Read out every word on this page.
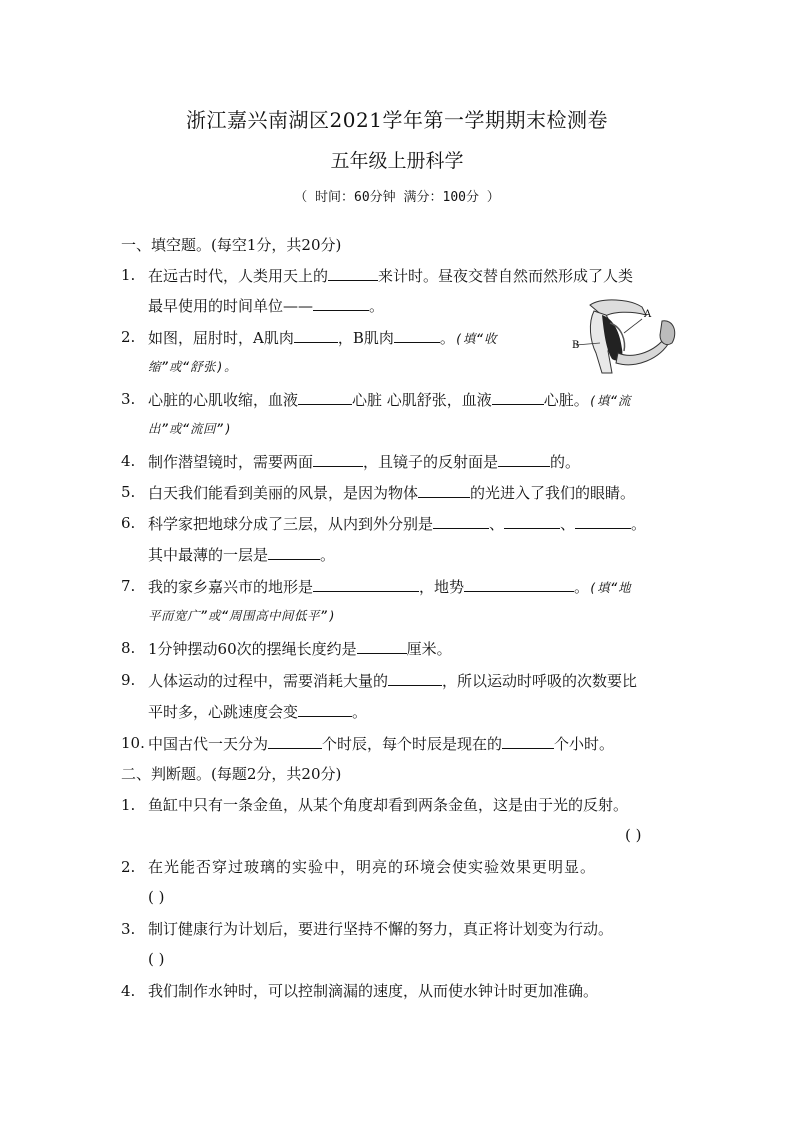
浙江嘉兴南湖区2021学年第一学期期末检测卷
五年级上册科学
（ 时间：60分钟 满分：100分 ）
一、填空题。(每空1分，共20分)
1. 在远古时代，人类用天上的	来计时。昼夜交替自然而然形成了人类
最早使用的时间单位——	。
2. 如图，屈肘时，A肌肉	，B肌肉	。(填“收
缩”或“舒张)。
A
B
3. 心脏的心肌收缩，血液	心脏 心肌舒张，血液	心脏。(填“流
出”或“流回”)
4. 制作潜望镜时，需要两面	，且镜子的反射面是	的。
5. 白天我们能看到美丽的风景，是因为物体	的光进入了我们的眼睛。
6. 科学家把地球分成了三层，从内到外分别是	、	、	。
其中最薄的一层是	。
7. 我的家乡嘉兴市的地形是	，地势	。(填“地
平而宽广”或“周围高中间低平”)
8. 1分钟摆动60次的摆绳长度约是	厘米。
9. 人体运动的过程中，需要消耗大量的	，所以运动时呼吸的次数要比
平时多，心跳速度会变	。
10. 中国古代一天分为	个时辰，每个时辰是现在的	个小时。
二、判断题。(每题2分，共20分)
1. 鱼缸中只有一条金鱼，从某个角度却看到两条金鱼，这是由于光的反射。
( )
2. 在光能否穿过玻璃的实验中，明亮的环境会使实验效果更明显。
( )
3. 制订健康行为计划后，要进行坚持不懈的努力，真正将计划变为行动。
( )
4. 我们制作水钟时，可以控制滴漏的速度，从而使水钟计时更加准确。
